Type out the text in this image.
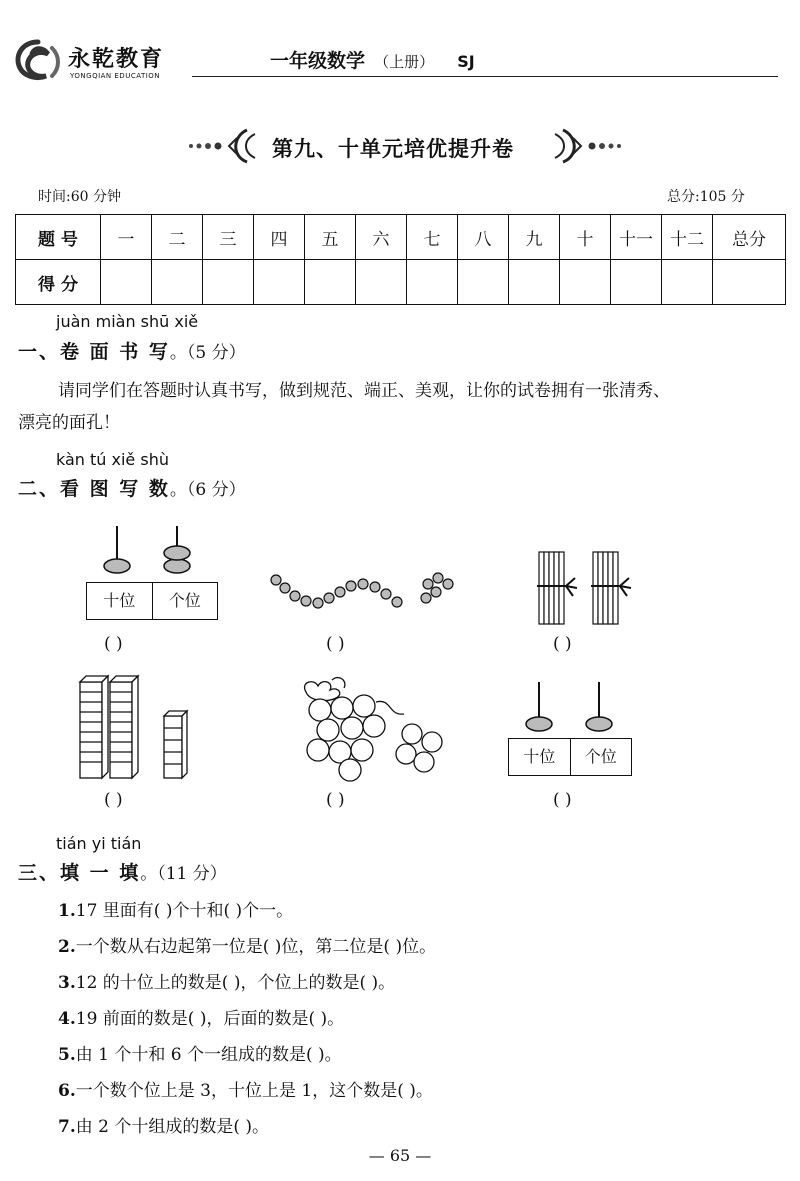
永乾教育
YONGQIAN EDUCATION
一年级数学 （上册） SJ
第九、十单元培优提升卷
时间:60 分钟	总分:105 分
题 号	一	二	三	四	五	六	七	八	九	十	十一	十二	总分
得 分													
juàn miàn shū xiě
一、卷 面 书 写。（5 分）
请同学们在答题时认真书写，做到规范、端正、美观，让你的试卷拥有一张清秀、
漂亮的面孔！
kàn tú xiě shù
二、看 图 写 数。（6 分）
十位	个位
( )	( )	( )
( )	( )
十位	个位
( )
tián yi tián
三、填 一 填。（11 分）
1.17 里面有( )个十和( )个一。
2.一个数从右边起第一位是( )位，第二位是( )位。
3.12 的十位上的数是( )，个位上的数是( )。
4.19 前面的数是( )，后面的数是( )。
5.由 1 个十和 6 个一组成的数是( )。
6.一个数个位上是 3，十位上是 1，这个数是( )。
7.由 2 个十组成的数是( )。
— 65 —
